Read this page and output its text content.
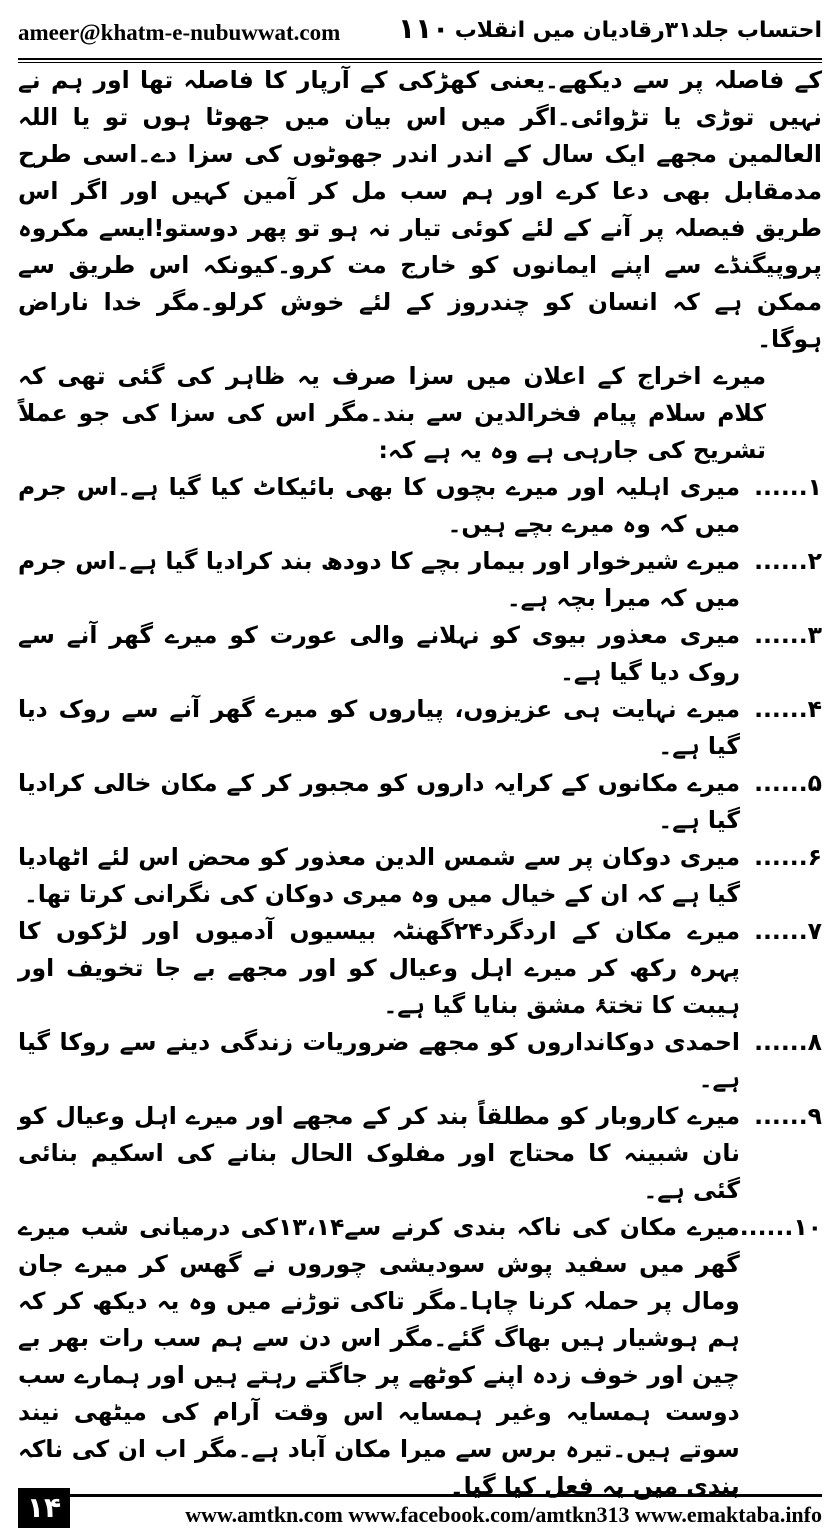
ameer@khatm-e-nubuwwat.com ۱۱۰ احتساب جلد۳۱رقادیان میں انقلاب

کے فاصلہ پر سے دیکھے۔یعنی کھڑکی کے آرپار کا فاصلہ تھا اور ہم نے نہیں توڑی یا تڑوائی۔اگر میں اس بیان میں جھوٹا ہوں تو یا اللہ العالمین مجھے ایک سال کے اندر اندر جھوٹوں کی سزا دے۔اسی طرح مدمقابل بھی دعا کرے اور ہم سب مل کر آمین کہیں اور اگر اس طریق فیصلہ پر آنے کے لئے کوئی تیار نہ ہو تو پھر دوستو!ایسے مکروہ پروپیگنڈے سے اپنے ایمانوں کو خارج مت کرو۔کیونکہ اس طریق سے ممکن ہے کہ انسان کو چندروز کے لئے خوش کرلو۔مگر خدا ناراض ہوگا۔

میرے اخراج کے اعلان میں سزا صرف یہ ظاہر کی گئی تھی کہ کلام سلام پیام فخرالدین سے بند۔مگر اس کی سزا کی جو عملاً تشریح کی جارہی ہے وہ یہ ہے کہ:

۱......
میری اہلیہ اور میرے بچوں کا بھی بائیکاٹ کیا گیا ہے۔اس جرم میں کہ وہ میرے بچے ہیں۔
۲......
میرے شیرخوار اور بیمار بچے کا دودھ بند کرادیا گیا ہے۔اس جرم میں کہ میرا بچہ ہے۔
۳......
میری معذور بیوی کو نہلانے والی عورت کو میرے گھر آنے سے روک دیا گیا ہے۔
۴......
میرے نہایت ہی عزیزوں، پیاروں کو میرے گھر آنے سے روک دیا گیا ہے۔
۵......
میرے مکانوں کے کرایہ داروں کو مجبور کر کے مکان خالی کرادیا گیا ہے۔
۶......
میری دوکان پر سے شمس الدین معذور کو محض اس لئے اٹھادیا گیا ہے کہ ان کے خیال میں وہ میری دوکان کی نگرانی کرتا تھا۔
۷......
میرے مکان کے اردگرد۲۴گھنٹہ بیسیوں آدمیوں اور لڑکوں کا پہرہ رکھ کر میرے اہل وعیال کو اور مجھے بے جا تخویف اور ہیبت کا تختۂ مشق بنایا گیا ہے۔
۸......
احمدی دوکانداروں کو مجھے ضروریات زندگی دینے سے روکا گیا ہے۔
۹......
میرے کاروبار کو مطلقاً بند کر کے مجھے اور میرے اہل وعیال کو نان شبینہ کا محتاج اور مفلوک الحال بنانے کی اسکیم بنائی گئی ہے۔
۱۰......
میرے مکان کی ناکہ بندی کرنے سے۱۳،۱۴کی درمیانی شب میرے گھر میں سفید پوش سودیشی چوروں نے گھس کر میرے جان ومال پر حملہ کرنا چاہا۔مگر تاکی توڑنے میں وہ یہ دیکھ کر کہ ہم ہوشیار ہیں بھاگ گئے۔مگر اس دن سے ہم سب رات بھر بے چین اور خوف زدہ اپنے کوٹھے پر جاگتے رہتے ہیں اور ہمارے سب دوست ہمسایہ وغیر ہمسایہ اس وقت آرام کی میٹھی نیند سوتے ہیں۔تیرہ برس سے میرا مکان آباد ہے۔مگر اب ان کی ناکہ بندی میں یہ فعل کیا گیا۔
۱۴	www.amtkn.com www.facebook.com/amtkn313 www.emaktaba.info
